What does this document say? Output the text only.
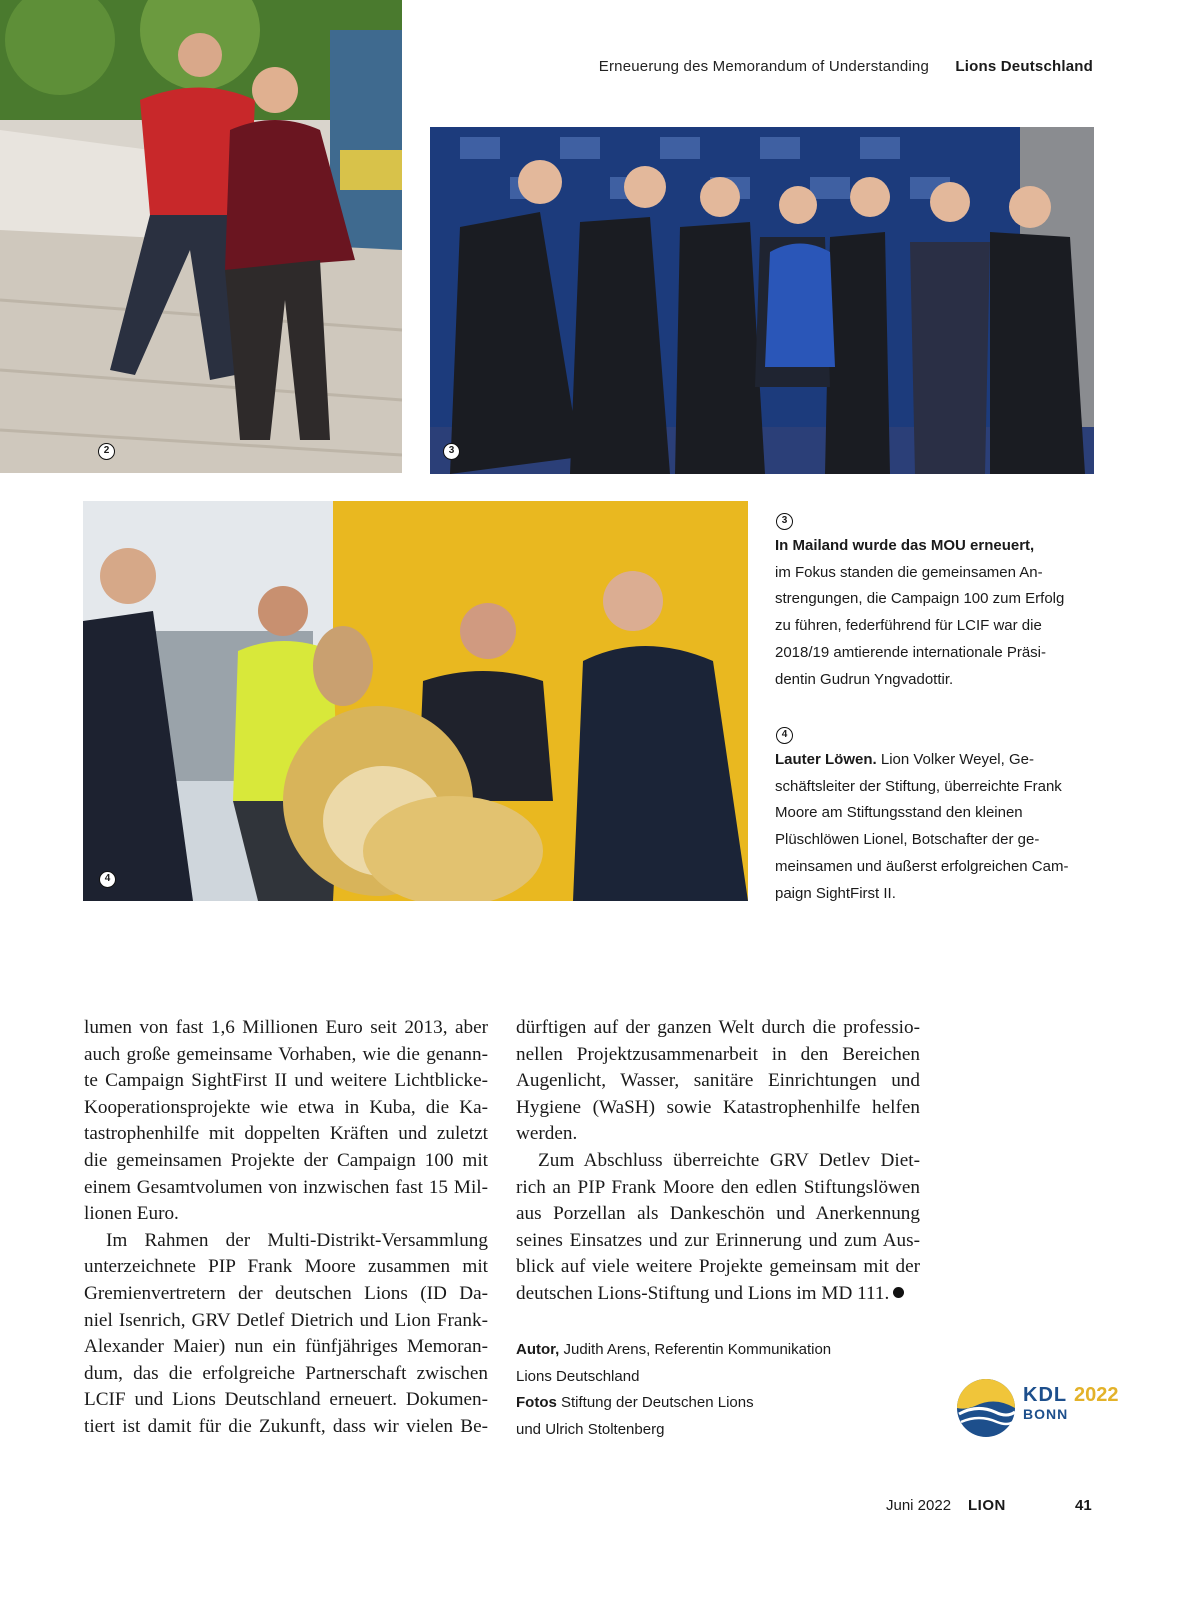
Erneuerung des Memorandum of Understanding Lions Deutschland
2	3
4
3
In Mailand wurde das MOU erneuert,
im Fokus standen die gemeinsamen An-
strengungen, die Campaign 100 zum Erfolg
zu führen, federführend für LCIF war die
2018/19 amtierende internationale Präsi-
dentin Gudrun Yngvadottir.
4
Lauter Löwen. Lion Volker Weyel, Ge-
schäftsleiter der Stiftung, überreichte Frank
Moore am Stiftungsstand den kleinen
Plüschlöwen Lionel, Botschafter der ge-
meinsamen und äußerst erfolgreichen Cam-
paign SightFirst II.
lumen von fast 1,6 Millionen Euro seit 2013, aber
auch große gemeinsame Vorhaben, wie die genann-
te Campaign SightFirst II und weitere Lichtblicke-
Kooperationsprojekte wie etwa in Kuba, die Ka-
tastrophenhilfe mit doppelten Kräften und zuletzt
die gemeinsamen Projekte der Campaign 100 mit
einem Gesamtvolumen von inzwischen fast 15 Mil-
lionen Euro.
Im Rahmen der Multi-Distrikt-Versammlung
unterzeichnete PIP Frank Moore zusammen mit
Gremienvertretern der deutschen Lions (ID Da-
niel Isenrich, GRV Detlef Dietrich und Lion Frank-
Alexander Maier) nun ein fünfjähriges Memoran-
dum, das die erfolgreiche Partnerschaft zwischen
LCIF und Lions Deutschland erneuert. Dokumen-
tiert ist damit für die Zukunft, dass wir vielen Be-
dürftigen auf der ganzen Welt durch die professio-
nellen Projektzusammenarbeit in den Bereichen
Augenlicht, Wasser, sanitäre Einrichtungen und
Hygiene (WaSH) sowie Katastrophenhilfe helfen
werden.
Zum Abschluss überreichte GRV Detlev Diet-
rich an PIP Frank Moore den edlen Stiftungslöwen
aus Porzellan als Dankeschön und Anerkennung
seines Einsatzes und zur Erinnerung und zum Aus-
blick auf viele weitere Projekte gemeinsam mit der
deutschen Lions-Stiftung und Lions im MD 111.
Autor, Judith Arens, Referentin Kommunikation
Lions Deutschland
Fotos Stiftung der Deutschen Lions
und Ulrich Stoltenberg
KDL 2022
BONN
Juni 2022 LION	41
